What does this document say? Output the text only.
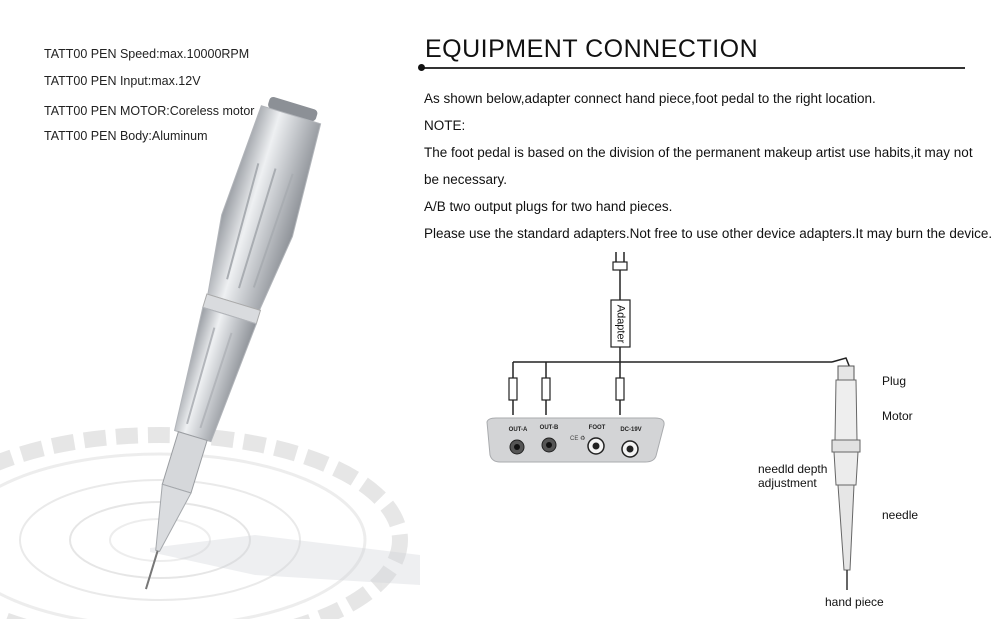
TATT00 PEN Speed:max.10000RPM
TATT00 PEN Input:max.12V
TATT00 PEN MOTOR:Coreless motor
TATT00 PEN Body:Aluminum
EQUIPMENT CONNECTION
As shown below,adapter connect hand piece,foot pedal to the right location.
NOTE:
The foot pedal is based on the division of the permanent makeup artist use habits,it may not
be necessary.
A/B two output plugs for two hand pieces.
Please use the standard adapters.Not free to use other device adapters.It may burn the device.
OUT-A OUT-B	FOOT DC-19V
CE ♻
Adapter
Plug
Motor
needld depth
adjustment
needle
hand piece
